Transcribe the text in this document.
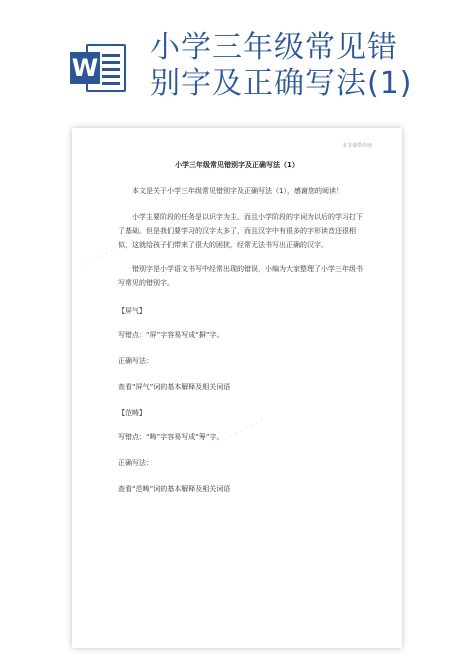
W
小学三年级常见错
别字及正确写法(1)
· · · · · · · · · ·
· · · · · · · · · ·
本节课带你读
小学三年级常见错别字及正确写法（1）
本文是关于小学三年级常见错别字及正确写法（1），感谢您的阅读！
小学主要阶段的任务是以识字为主，而且小学阶段的字词为以后的学习打下了基础。但是我们要学习的汉字太多了，而且汉字中有很多的字形读音还很相似，这就给孩子们带来了很大的困扰，经常无法书写出正确的汉字。
错别字是小学语文书写中经常出现的错误，小编为大家整理了小学三年级书写常见的错别字。
【屏气】
写错点：“屏”字容易写成“摒”字。
正确写法：
查看“屏气”词的基本解释及相关词语
【范畴】
写错点：“畴”字容易写成“筹”字。
正确写法：
查看“范畴”词的基本解释及相关词语
